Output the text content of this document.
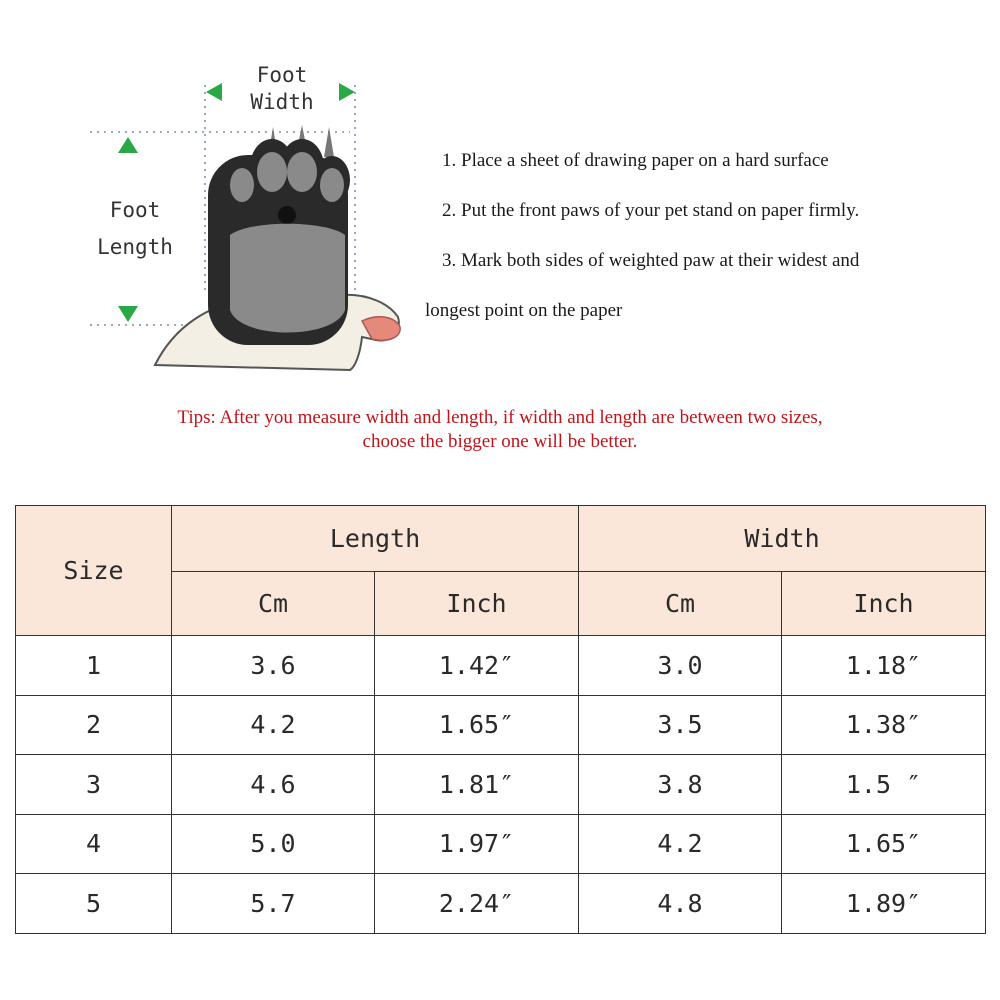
Foot
Width
Foot
Length
1. Place a sheet of drawing paper on a hard surface
2. Put the front paws of your pet stand on paper firmly.
3. Mark both sides of weighted paw at their widest and
longest point on the paper
Tips: After you measure width and length, if width and length are between two sizes,
choose the bigger one will be better.
Size	Length		Width	
	Cm	Inch	Cm	Inch
1	3.6	1.42″	3.0	1.18″
2	4.2	1.65″	3.5	1.38″
3	4.6	1.81″	3.8	1.5 ″
4	5.0	1.97″	4.2	1.65″
5	5.7	2.24″	4.8	1.89″
